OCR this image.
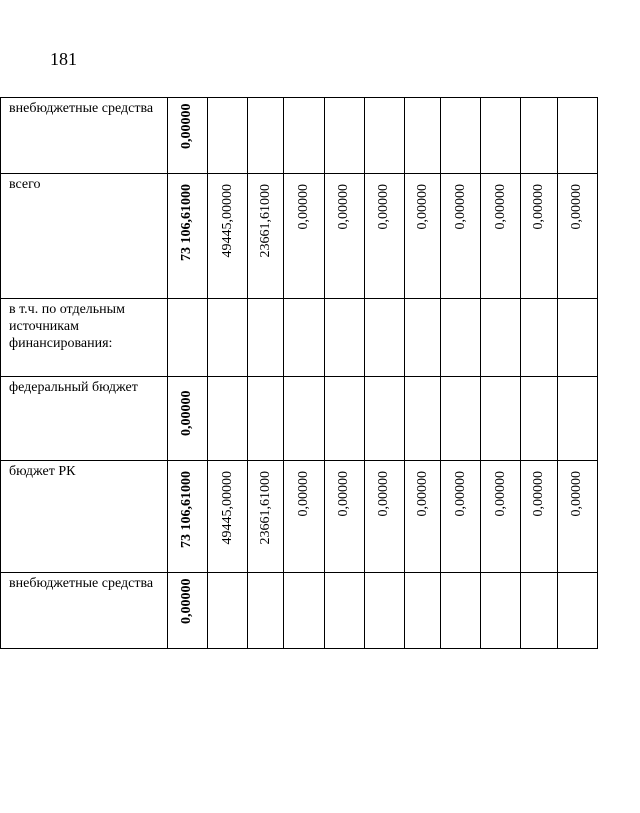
181
внебюджетные средства	0,00000										

всего	73 106,61000	49445,00000	23661,61000	0,00000	0,00000	0,00000	0,00000	0,00000	0,00000	0,00000	0,00000

в т.ч. по отдельным источникам финансирования:	

федеральный бюджет	0,00000										

бюджет РК	73 106,61000	49445,00000	23661,61000	0,00000	0,00000	0,00000	0,00000	0,00000	0,00000	0,00000	0,00000

внебюджетные средства	0,00000										
